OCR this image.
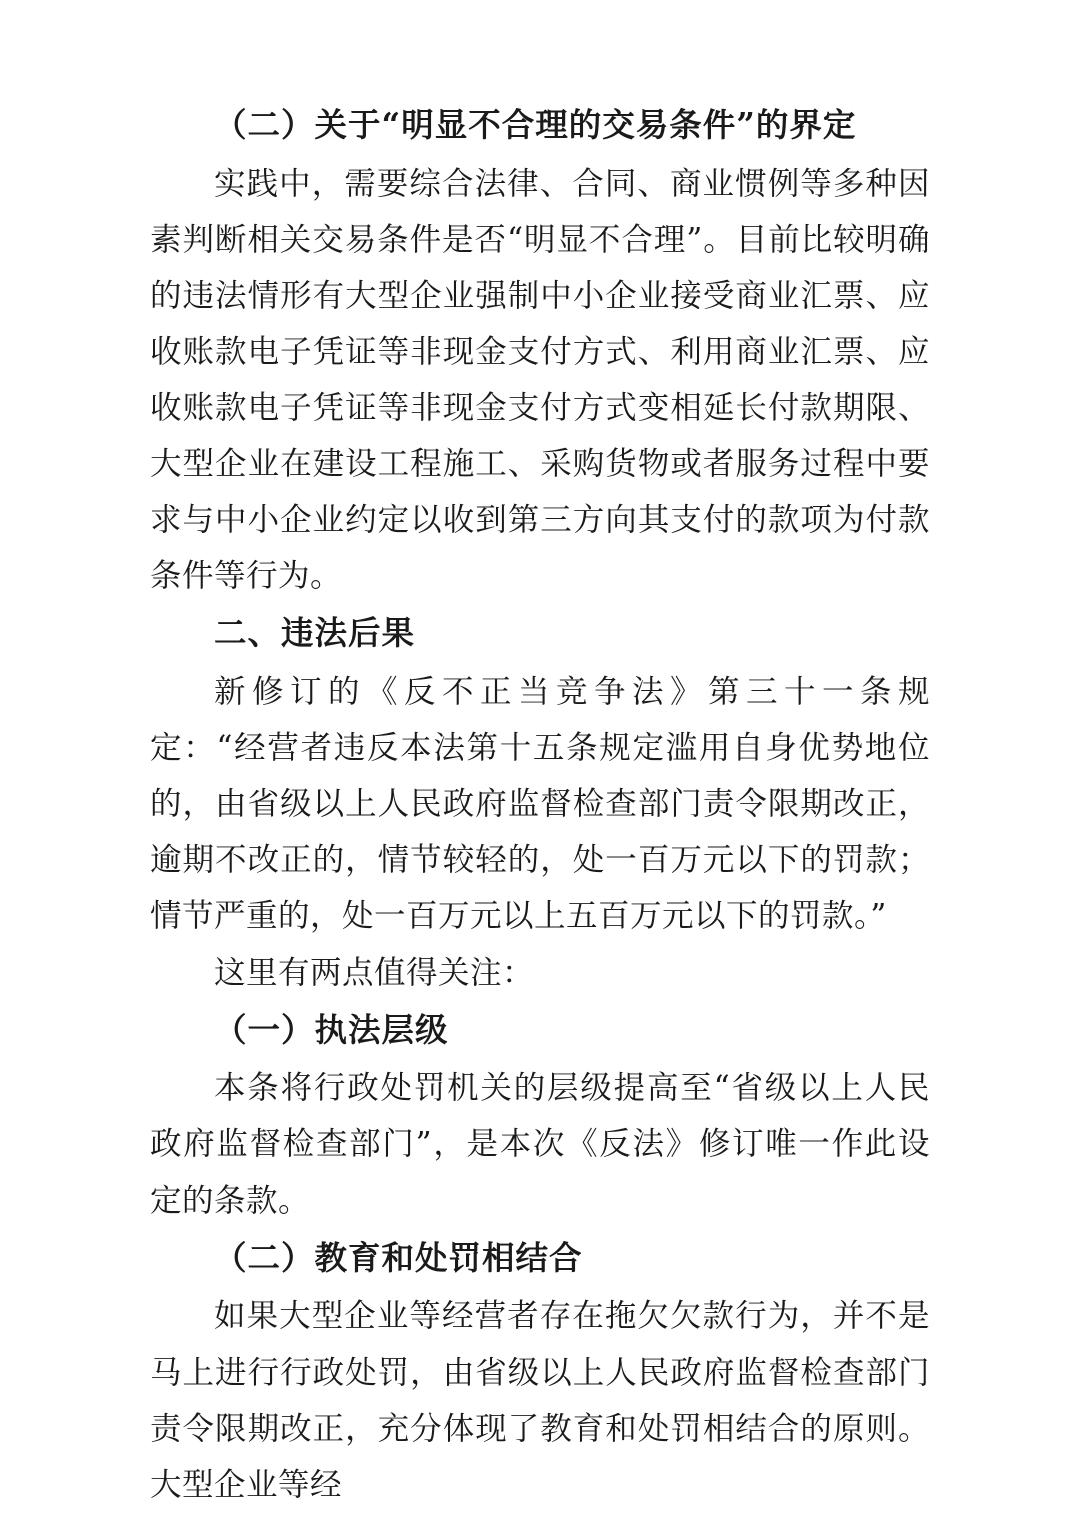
（二）关于“明显不合理的交易条件”的界定

实践中，需要综合法律、合同、商业惯例等多种因素判断相关交易条件是否“明显不合理”。目前比较明确的违法情形有大型企业强制中小企业接受商业汇票、应收账款电子凭证等非现金支付方式、利用商业汇票、应收账款电子凭证等非现金支付方式变相延长付款期限、大型企业在建设工程施工、采购货物或者服务过程中要求与中小企业约定以收到第三方向其支付的款项为付款条件等行为。

二、违法后果

新修订的《反不正当竞争法》第三十一条规定：“经营者违反本法第十五条规定滥用自身优势地位的，由省级以上人民政府监督检查部门责令限期改正，逾期不改正的，情节较轻的，处一百万元以下的罚款；情节严重的，处一百万元以上五百万元以下的罚款。”

这里有两点值得关注：

（一）执法层级

本条将行政处罚机关的层级提高至“省级以上人民政府监督检查部门”，是本次《反法》修订唯一作此设定的条款。

（二）教育和处罚相结合

如果大型企业等经营者存在拖欠欠款行为，并不是马上进行行政处罚，由省级以上人民政府监督检查部门责令限期改正，充分体现了教育和处罚相结合的原则。大型企业等经
